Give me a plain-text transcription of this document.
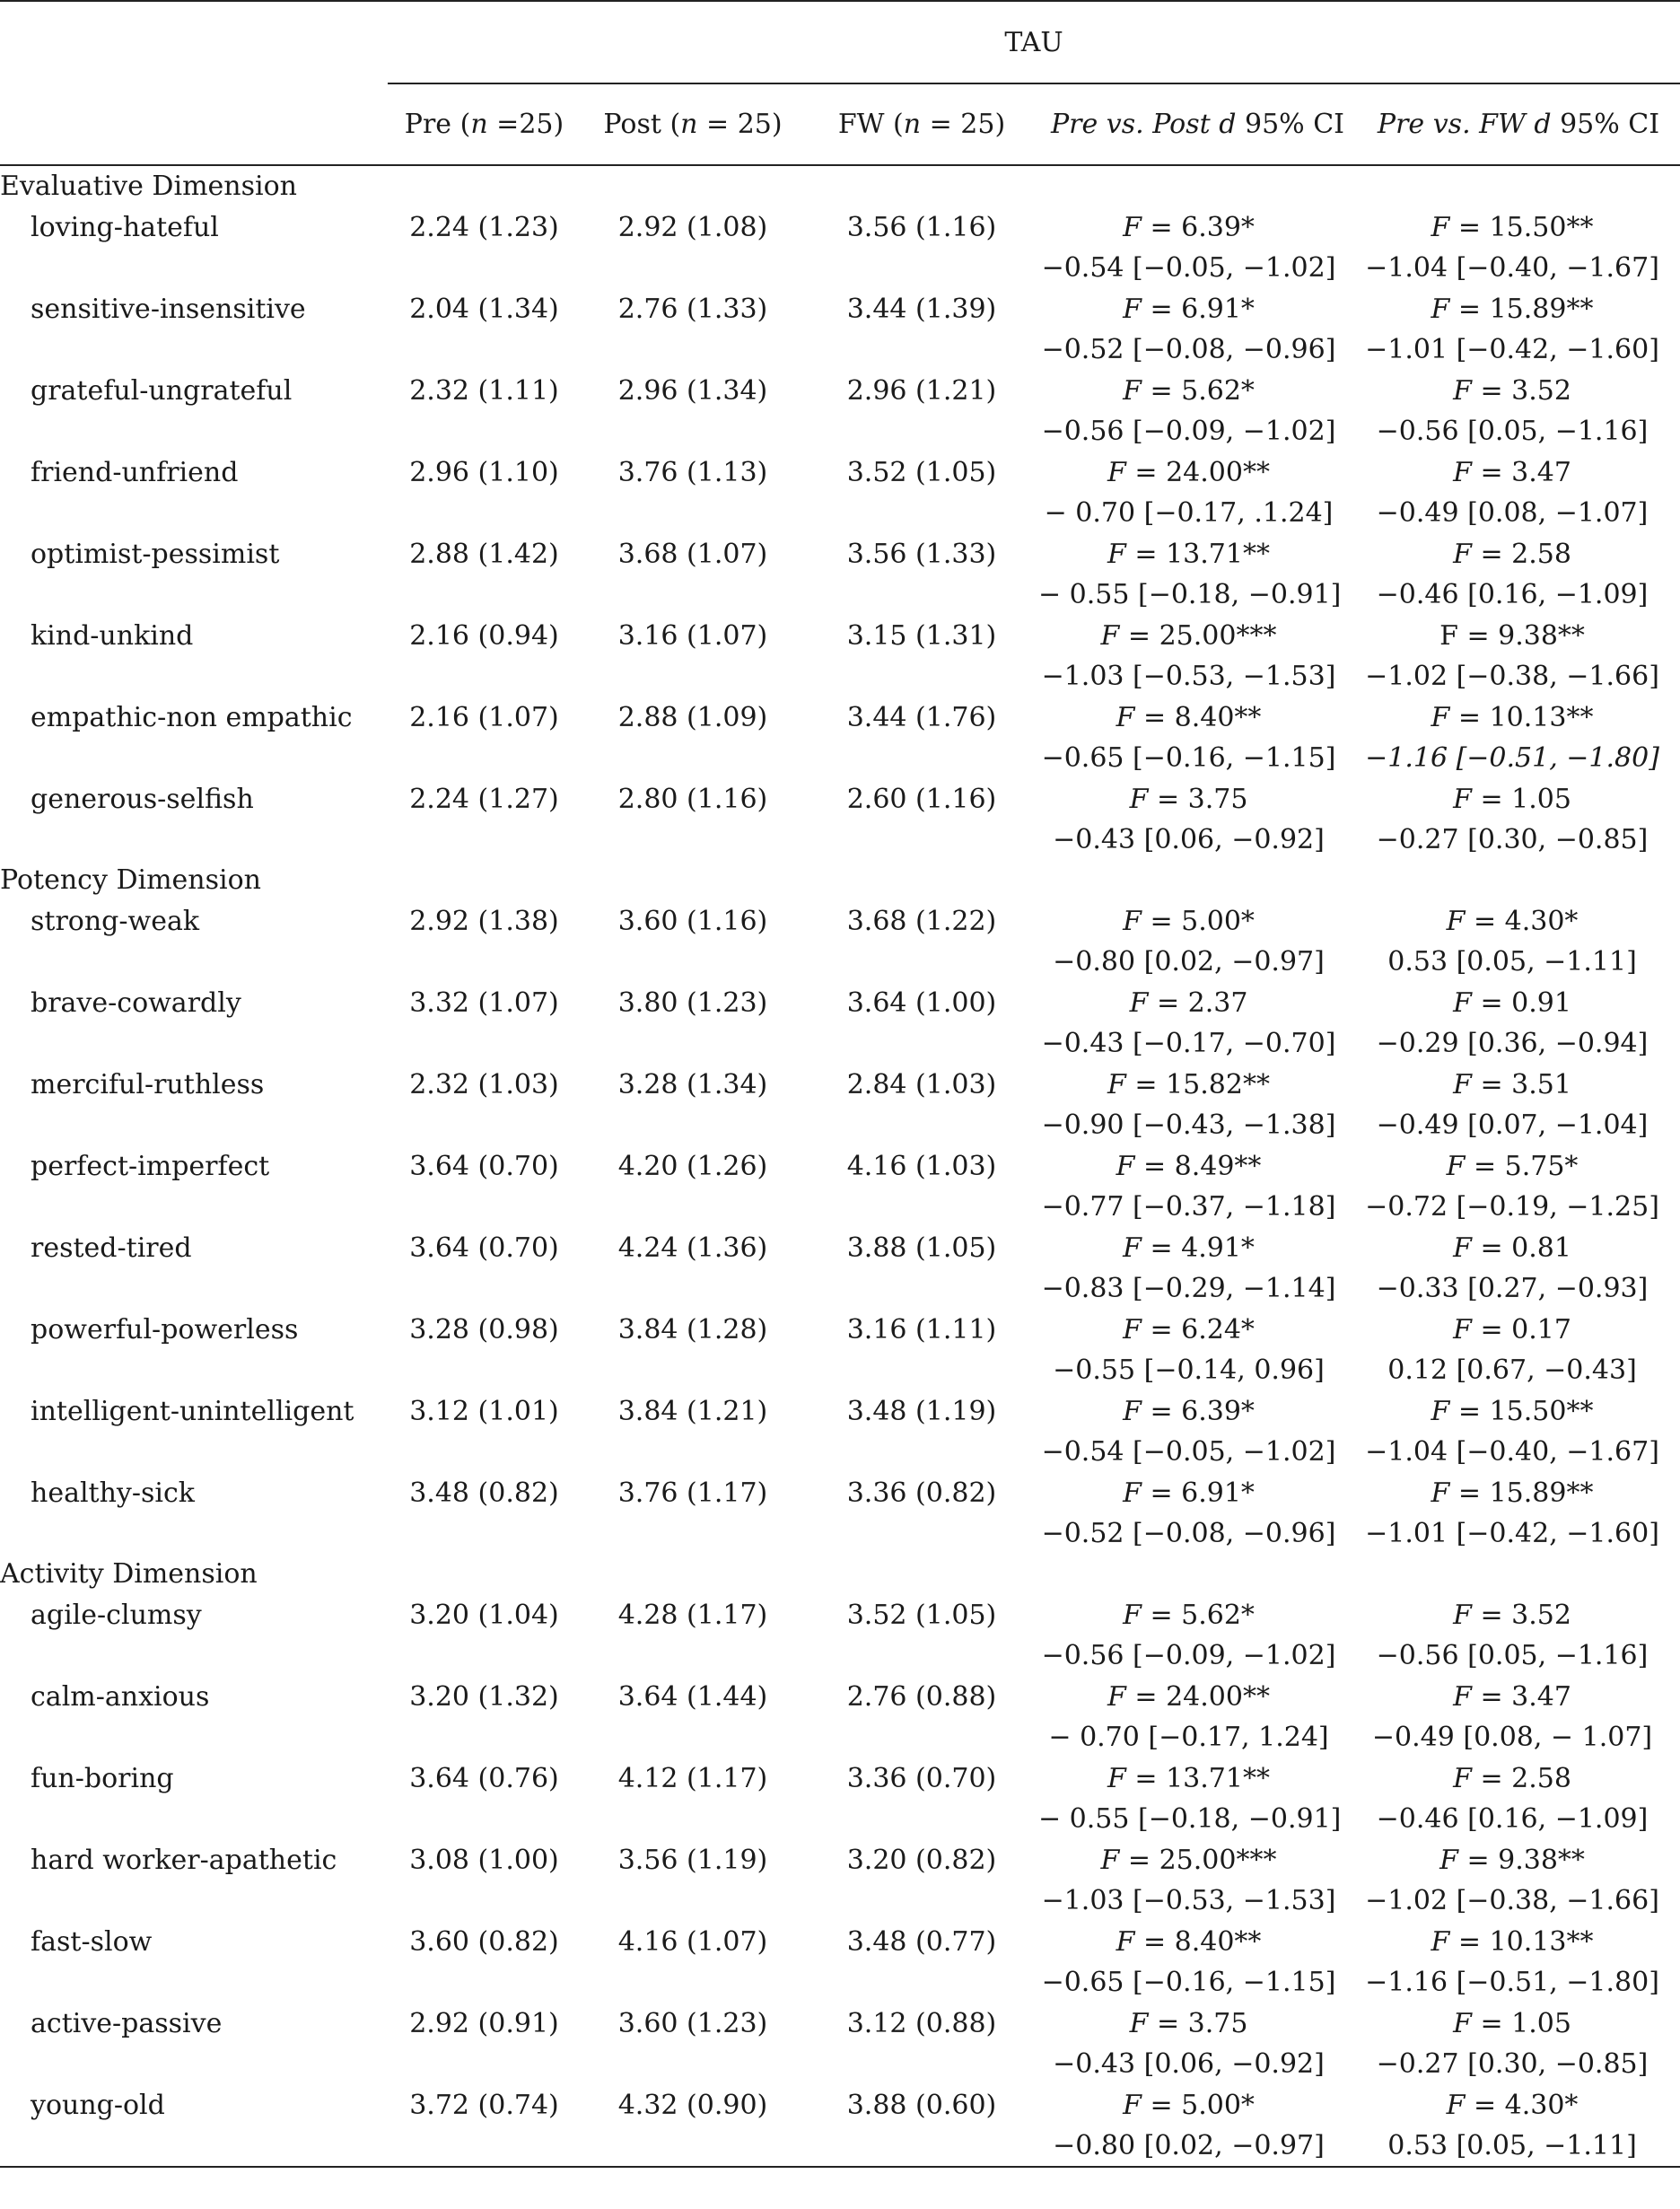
	TAU				
	Pre (n =25)	Post (n = 25)	FW (n = 25)	Pre vs. Post d 95% CI	Pre vs. FW d 95% CI
Evaluative Dimension					
loving-hateful	2.24 (1.23)	2.92 (1.08)	3.56 (1.16)	F = 6.39*	F = 15.50**
				−0.54 [−0.05, −1.02]	−1.04 [−0.40, −1.67]
sensitive-insensitive	2.04 (1.34)	2.76 (1.33)	3.44 (1.39)	F = 6.91*	F = 15.89**
				−0.52 [−0.08, −0.96]	−1.01 [−0.42, −1.60]
grateful-ungrateful	2.32 (1.11)	2.96 (1.34)	2.96 (1.21)	F = 5.62*	F = 3.52
				−0.56 [−0.09, −1.02]	−0.56 [0.05, −1.16]
friend-unfriend	2.96 (1.10)	3.76 (1.13)	3.52 (1.05)	F = 24.00**	F = 3.47
				− 0.70 [−0.17, .1.24]	−0.49 [0.08, −1.07]
optimist-pessimist	2.88 (1.42)	3.68 (1.07)	3.56 (1.33)	F = 13.71**	F = 2.58
				− 0.55 [−0.18, −0.91]	−0.46 [0.16, −1.09]
kind-unkind	2.16 (0.94)	3.16 (1.07)	3.15 (1.31)	F = 25.00***	F = 9.38**
				−1.03 [−0.53, −1.53]	−1.02 [−0.38, −1.66]
empathic-non empathic	2.16 (1.07)	2.88 (1.09)	3.44 (1.76)	F = 8.40**	F = 10.13**
				−0.65 [−0.16, −1.15]	−1.16 [−0.51, −1.80]
generous-selfish	2.24 (1.27)	2.80 (1.16)	2.60 (1.16)	F = 3.75	F = 1.05
				−0.43 [0.06, −0.92]	−0.27 [0.30, −0.85]
Potency Dimension					
strong-weak	2.92 (1.38)	3.60 (1.16)	3.68 (1.22)	F = 5.00*	F = 4.30*
				−0.80 [0.02, −0.97]	0.53 [0.05, −1.11]
brave-cowardly	3.32 (1.07)	3.80 (1.23)	3.64 (1.00)	F = 2.37	F = 0.91
				−0.43 [−0.17, −0.70]	−0.29 [0.36, −0.94]
merciful-ruthless	2.32 (1.03)	3.28 (1.34)	2.84 (1.03)	F = 15.82**	F = 3.51
				−0.90 [−0.43, −1.38]	−0.49 [0.07, −1.04]
perfect-imperfect	3.64 (0.70)	4.20 (1.26)	4.16 (1.03)	F = 8.49**	F = 5.75*
				−0.77 [−0.37, −1.18]	−0.72 [−0.19, −1.25]
rested-tired	3.64 (0.70)	4.24 (1.36)	3.88 (1.05)	F = 4.91*	F = 0.81
				−0.83 [−0.29, −1.14]	−0.33 [0.27, −0.93]
powerful-powerless	3.28 (0.98)	3.84 (1.28)	3.16 (1.11)	F = 6.24*	F = 0.17
				−0.55 [−0.14, 0.96]	0.12 [0.67, −0.43]
intelligent-unintelligent	3.12 (1.01)	3.84 (1.21)	3.48 (1.19)	F = 6.39*	F = 15.50**
				−0.54 [−0.05, −1.02]	−1.04 [−0.40, −1.67]
healthy-sick	3.48 (0.82)	3.76 (1.17)	3.36 (0.82)	F = 6.91*	F = 15.89**
				−0.52 [−0.08, −0.96]	−1.01 [−0.42, −1.60]
Activity Dimension					
agile-clumsy	3.20 (1.04)	4.28 (1.17)	3.52 (1.05)	F = 5.62*	F = 3.52
				−0.56 [−0.09, −1.02]	−0.56 [0.05, −1.16]
calm-anxious	3.20 (1.32)	3.64 (1.44)	2.76 (0.88)	F = 24.00**	F = 3.47
				− 0.70 [−0.17, 1.24]	−0.49 [0.08, − 1.07]
fun-boring	3.64 (0.76)	4.12 (1.17)	3.36 (0.70)	F = 13.71**	F = 2.58
				− 0.55 [−0.18, −0.91]	−0.46 [0.16, −1.09]
hard worker-apathetic	3.08 (1.00)	3.56 (1.19)	3.20 (0.82)	F = 25.00***	F = 9.38**
				−1.03 [−0.53, −1.53]	−1.02 [−0.38, −1.66]
fast-slow	3.60 (0.82)	4.16 (1.07)	3.48 (0.77)	F = 8.40**	F = 10.13**
				−0.65 [−0.16, −1.15]	−1.16 [−0.51, −1.80]
active-passive	2.92 (0.91)	3.60 (1.23)	3.12 (0.88)	F = 3.75	F = 1.05
				−0.43 [0.06, −0.92]	−0.27 [0.30, −0.85]
young-old	3.72 (0.74)	4.32 (0.90)	3.88 (0.60)	F = 5.00*	F = 4.30*
				−0.80 [0.02, −0.97]	0.53 [0.05, −1.11]
